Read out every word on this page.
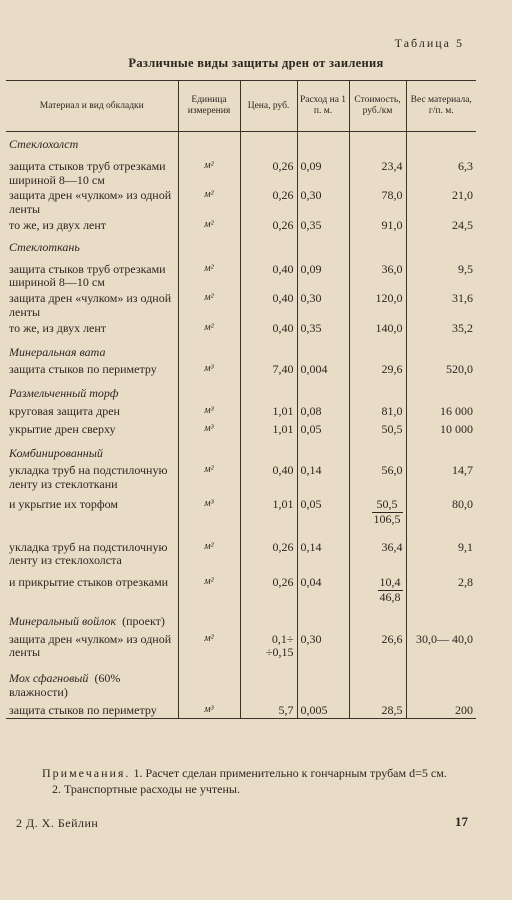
Таблица 5
Различные виды защиты дрен от заиления
Материал и вид обкладки	Единица измерения	Цена, руб.	Расход на 1 п. м.	Стоимость, руб./км	Вес материала, г/п. м.
Стеклохолст					
защита стыков труб отрезками шириной 8—10 см	м²	0,26	0,09	23,4	6,3
защита дрен «чулком» из одной ленты	м²	0,26	0,30	78,0	21,0
то же, из двух лент	м²	0,26	0,35	91,0	24,5
Стеклоткань					
защита стыков труб отрезками шириной 8—10 см	м²	0,40	0,09	36,0	9,5
защита дрен «чулком» из одной ленты	м²	0,40	0,30	120,0	31,6
то же, из двух лент	м²	0,40	0,35	140,0	35,2
Минеральная вата					
защита стыков по периметру	м³	7,40	0,004	29,6	520,0
Размельченный торф					
круговая защита дрен	м³	1,01	0,08	81,0	16 000
укрытие дрен сверху	м³	1,01	0,05	50,5	10 000
Комбинированный					
укладка труб на подстилочную ленту из стеклоткани	м²	0,40	0,14	56,0	14,7
и укрытие их торфом	м³	1,01	0,05	$\frac{50,5}{106,5}$	80,0
укладка труб на подстилочную ленту из стеклохолста	м²	0,26	0,14	36,4	9,1
и прикрытие стыков отрезками	м²	0,26	0,04	$\frac{10,4}{46,8}$	2,8
Минеральный войлок (проект)					
защита дрен «чулком» из одной ленты	м²	0,1÷ ÷0,15	0,30	26,6	30,0— 40,0
Мох сфагновый (60% влажности)					
защита стыков по периметру	м³	5,7	0,005	28,5	200

Примечания. 1. Расчет сделан применительно к гончарным трубам d=5 см.

2. Транспортные расходы не учтены.

2 Д. Х. Бейлин	17
